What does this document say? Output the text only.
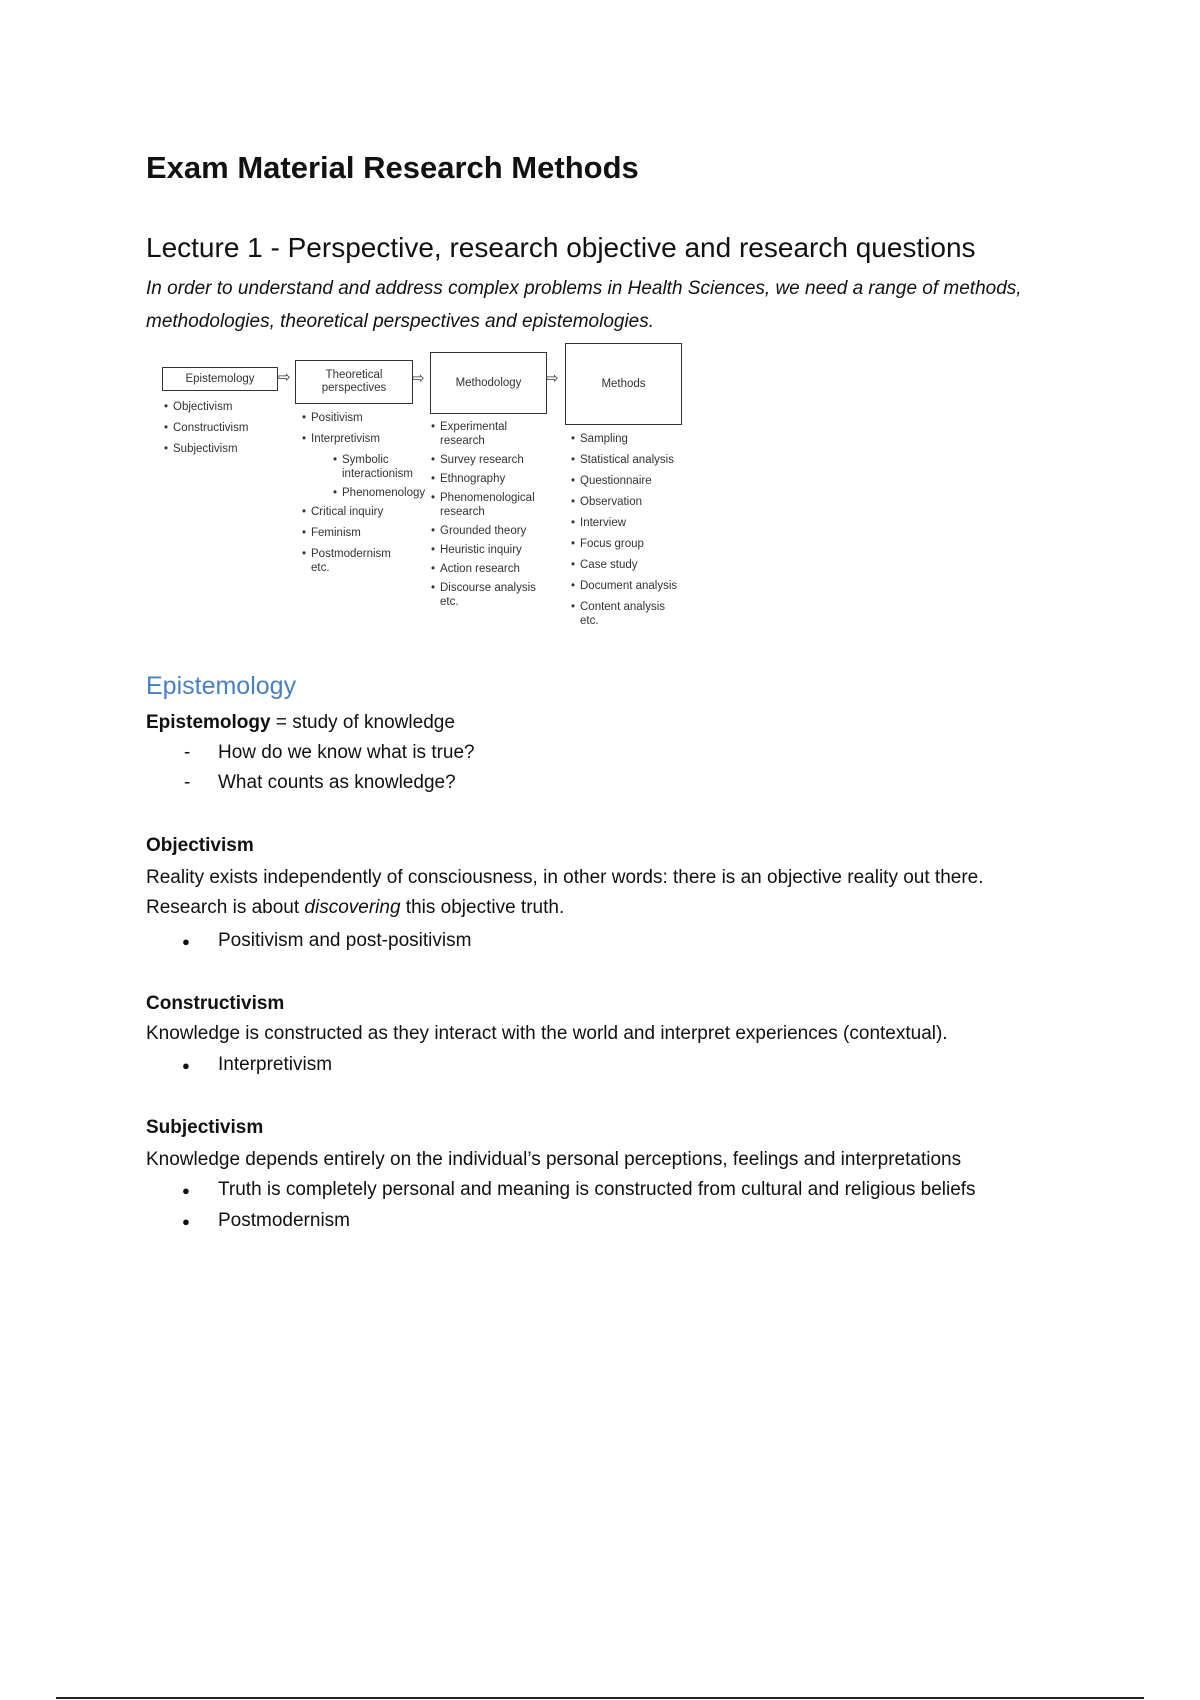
Exam Material Research Methods
Lecture 1 - Perspective, research objective and research questions

In order to understand and address complex problems in Health Sciences, we need a range of methods, methodologies, theoretical perspectives and epistemologies.

Epistemology	⇨	Theoretical perspectives
⇨	Methodology	⇨	Methods
• Objectivism
• Constructivism
• Subjectivism
• Positivism
• Interpretivism
• Symbolic interactionism
• Phenomenology
• Critical inquiry
• Feminism
• Postmodernism etc.
• Experimental research
• Survey research
• Ethnography
• Phenomenological research
• Grounded theory
• Heuristic inquiry
• Action research
• Discourse analysis etc.
• Sampling
• Statistical analysis
• Questionnaire
• Observation
• Interview
• Focus group
• Case study
• Document analysis
• Content analysis etc.
Epistemology

Epistemology = study of knowledge

- How do we know what is true?

- What counts as knowledge?

Objectivism

Reality exists independently of consciousness, in other words: there is an objective reality out there.

Research is about discovering this objective truth.

● Positivism and post-positivism

Constructivism

Knowledge is constructed as they interact with the world and interpret experiences (contextual).

● Interpretivism

Subjectivism

Knowledge depends entirely on the individual’s personal perceptions, feelings and interpretations

● Truth is completely personal and meaning is constructed from cultural and religious beliefs

● Postmodernism
